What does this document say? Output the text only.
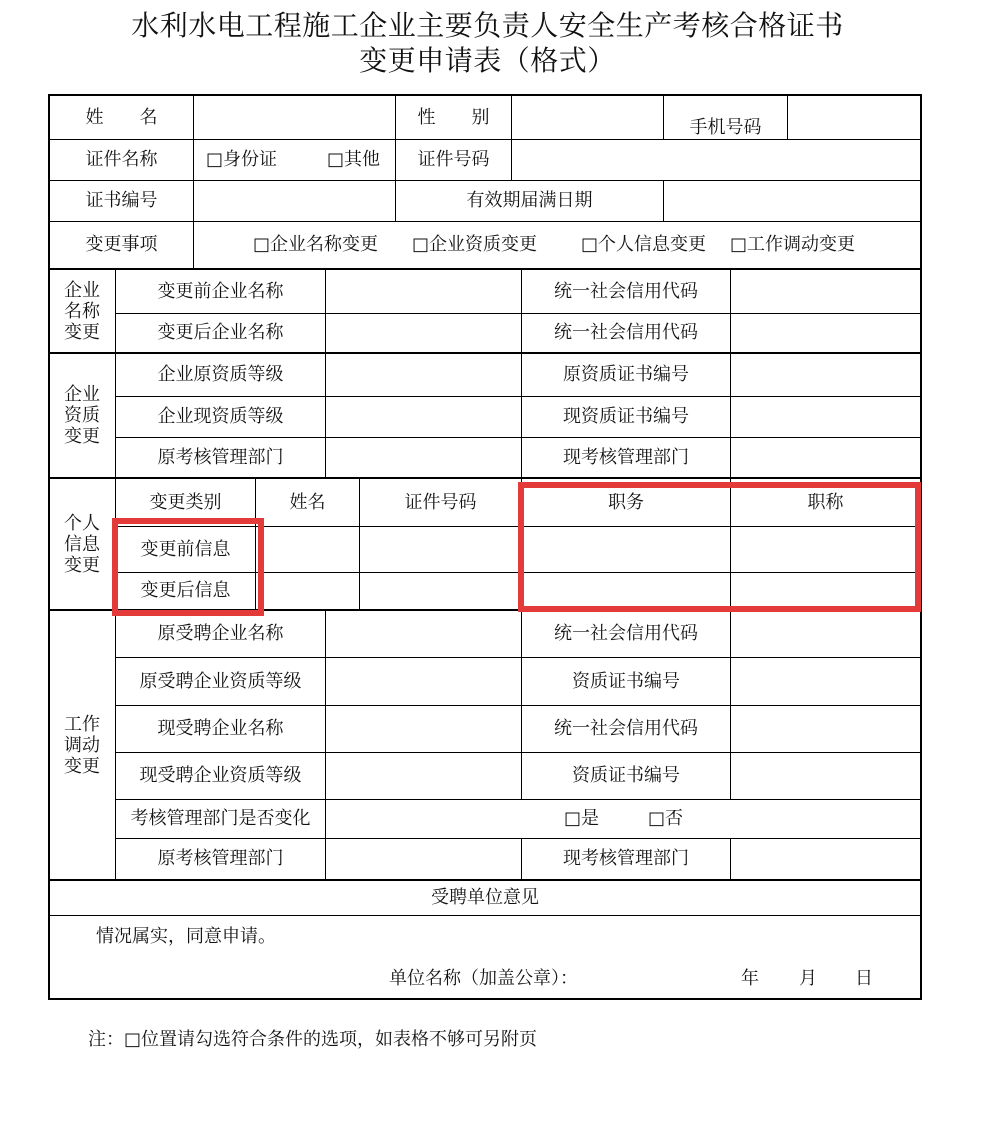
水利水电工程施工企业主要负责人安全生产考核合格证书
变更申请表（格式）
姓　　名	性　　别	手机号码
证件名称	□身份证	□其他	证件号码
证书编号	有效期届满日期
变更事项	□企业名称变更	□企业资质变更	□个人信息变更	□工作调动变更
企业名称变更
变更前企业名称	统一社会信用代码
变更后企业名称	统一社会信用代码
企业资质变更
企业原资质等级	原资质证书编号
企业现资质等级	现资质证书编号
原考核管理部门	现考核管理部门
个人信息变更
变更类别	姓名	证件号码	职务	职称
变更前信息
变更后信息
工作调动变更
原受聘企业名称	统一社会信用代码
原受聘企业资质等级	资质证书编号
现受聘企业名称	统一社会信用代码
现受聘企业资质等级	资质证书编号
考核管理部门是否变化	□是	□否
原考核管理部门	现考核管理部门
受聘单位意见
情况属实，同意申请。
单位名称（加盖公章）：	年 月 日
注：□位置请勾选符合条件的选项，如表格不够可另附页
